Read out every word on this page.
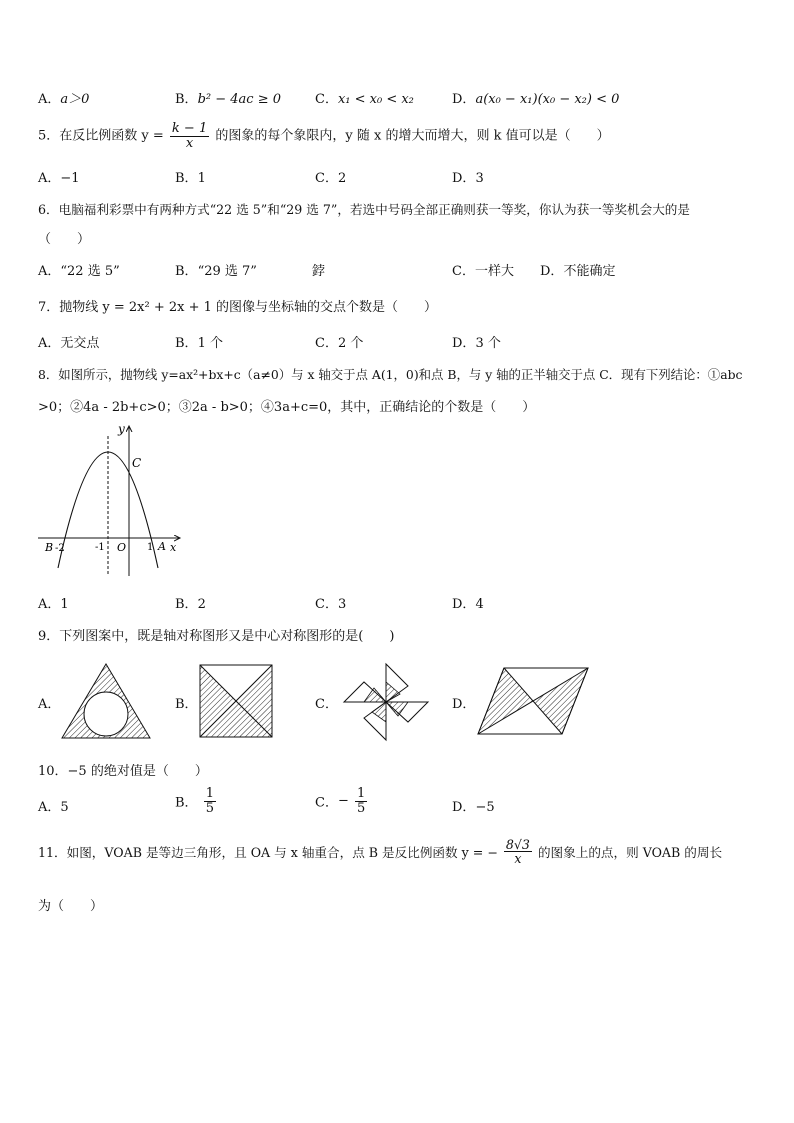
A．a＞0	B．b² − 4ac ≥ 0	C．x₁ < x₀ < x₂	D．a(x₀ − x₁)(x₀ − x₂) < 0
5．在反比例函数 $y = \frac{k - 1}{x}$ 的图象的每个象限内，y 随 x 的增大而增大，则 k 值可以是（　　）
A．−1	B．1	C．2	D．3
6．电脑福利彩票中有两种方式“22 选 5”和“29 选 7”，若选中号码全部正确则获一等奖，你认为获一等奖机会大的是
（　　）
A．“22 选 5”	B．“29 选 7”	鋍	C．一样大 D．不能确定
7．抛物线 y = 2x² + 2x + 1 的图像与坐标轴的交点个数是（　　）
A．无交点	B．1 个	C．2 个	D．3 个
8．如图所示，抛物线 y=ax²+bx+c（a≠0）与 x 轴交于点 A(1，0)和点 B，与 y 轴的正半轴交于点 C．现有下列结论：①abc
>0；②4a - 2b+c>0；③2a - b>0；④3a+c=0，其中，正确结论的个数是（　　）
y
C
B -2	-1 O 1 A x
A．1	B．2	C．3	D．4
9．下列图案中，既是轴对称图形又是中心对称图形的是(　　)
A．	B．	C．	D．
10．−5 的绝对值是（　　）
A．5	B． $\frac{1}{5}$	C．− $\frac{1}{5}$	D．−5
11．如图，VOAB 是等边三角形，且 OA 与 x 轴重合，点 B 是反比例函数 y = − $\frac{8√3}{x}$ 的图象上的点，则 VOAB 的周长
为（　　）
